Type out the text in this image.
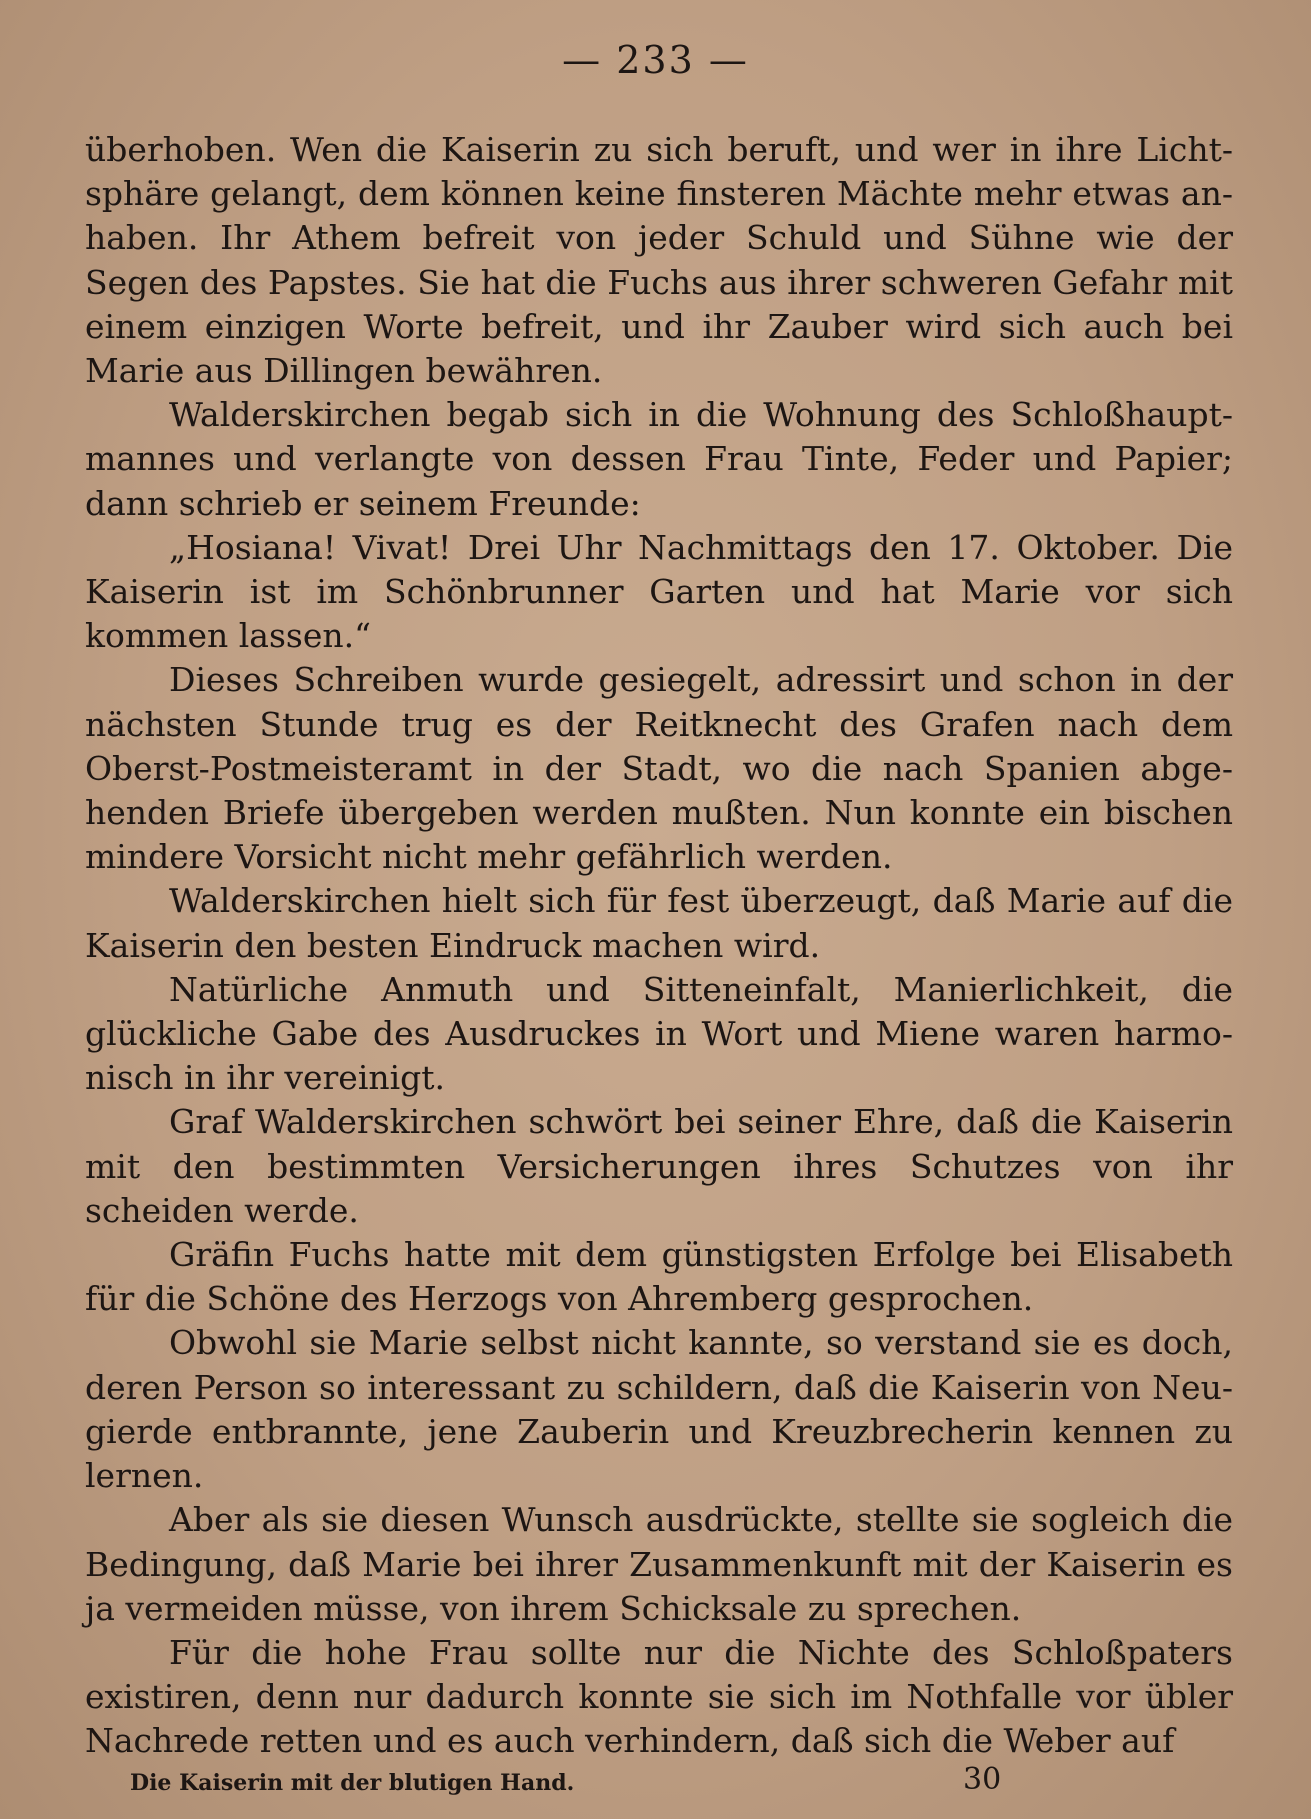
— 233 —

überhoben. Wen die Kaiserin zu sich beruft, und wer in ihre Licht-sphäre gelangt, dem können keine finsteren Mächte mehr etwas an-haben. Ihr Athem befreit von jeder Schuld und Sühne wie der Segen des Papstes. Sie hat die Fuchs aus ihrer schweren Gefahr mit einem einzigen Worte befreit, und ihr Zauber wird sich auch bei Marie aus Dillingen bewähren.

Walderskirchen begab sich in die Wohnung des Schloßhaupt-mannes und verlangte von dessen Frau Tinte, Feder und Papier; dann schrieb er seinem Freunde:

„Hosiana! Vivat! Drei Uhr Nachmittags den 17. Oktober. Die Kaiserin ist im Schönbrunner Garten und hat Marie vor sich kommen lassen.“

Dieses Schreiben wurde gesiegelt, adressirt und schon in der nächsten Stunde trug es der Reitknecht des Grafen nach dem Oberst-Postmeisteramt in der Stadt, wo die nach Spanien abge-henden Briefe übergeben werden mußten. Nun konnte ein bischen mindere Vorsicht nicht mehr gefährlich werden.

Walderskirchen hielt sich für fest überzeugt, daß Marie auf die Kaiserin den besten Eindruck machen wird.

Natürliche Anmuth und Sitteneinfalt, Manierlichkeit, die glückliche Gabe des Ausdruckes in Wort und Miene waren harmo-nisch in ihr vereinigt.

Graf Walderskirchen schwört bei seiner Ehre, daß die Kaiserin mit den bestimmten Versicherungen ihres Schutzes von ihr scheiden werde.

Gräfin Fuchs hatte mit dem günstigsten Erfolge bei Elisabeth für die Schöne des Herzogs von Ahremberg gesprochen.

Obwohl sie Marie selbst nicht kannte, so verstand sie es doch, deren Person so interessant zu schildern, daß die Kaiserin von Neu-gierde entbrannte, jene Zauberin und Kreuzbrecherin kennen zu lernen.

Aber als sie diesen Wunsch ausdrückte, stellte sie sogleich die Bedingung, daß Marie bei ihrer Zusammenkunft mit der Kaiserin es ja vermeiden müsse, von ihrem Schicksale zu sprechen.

Für die hohe Frau sollte nur die Nichte des Schloßpaters existiren, denn nur dadurch konnte sie sich im Nothfalle vor übler Nachrede retten und es auch verhindern, daß sich die Weber auf

Die Kaiserin mit der blutigen Hand.	30
